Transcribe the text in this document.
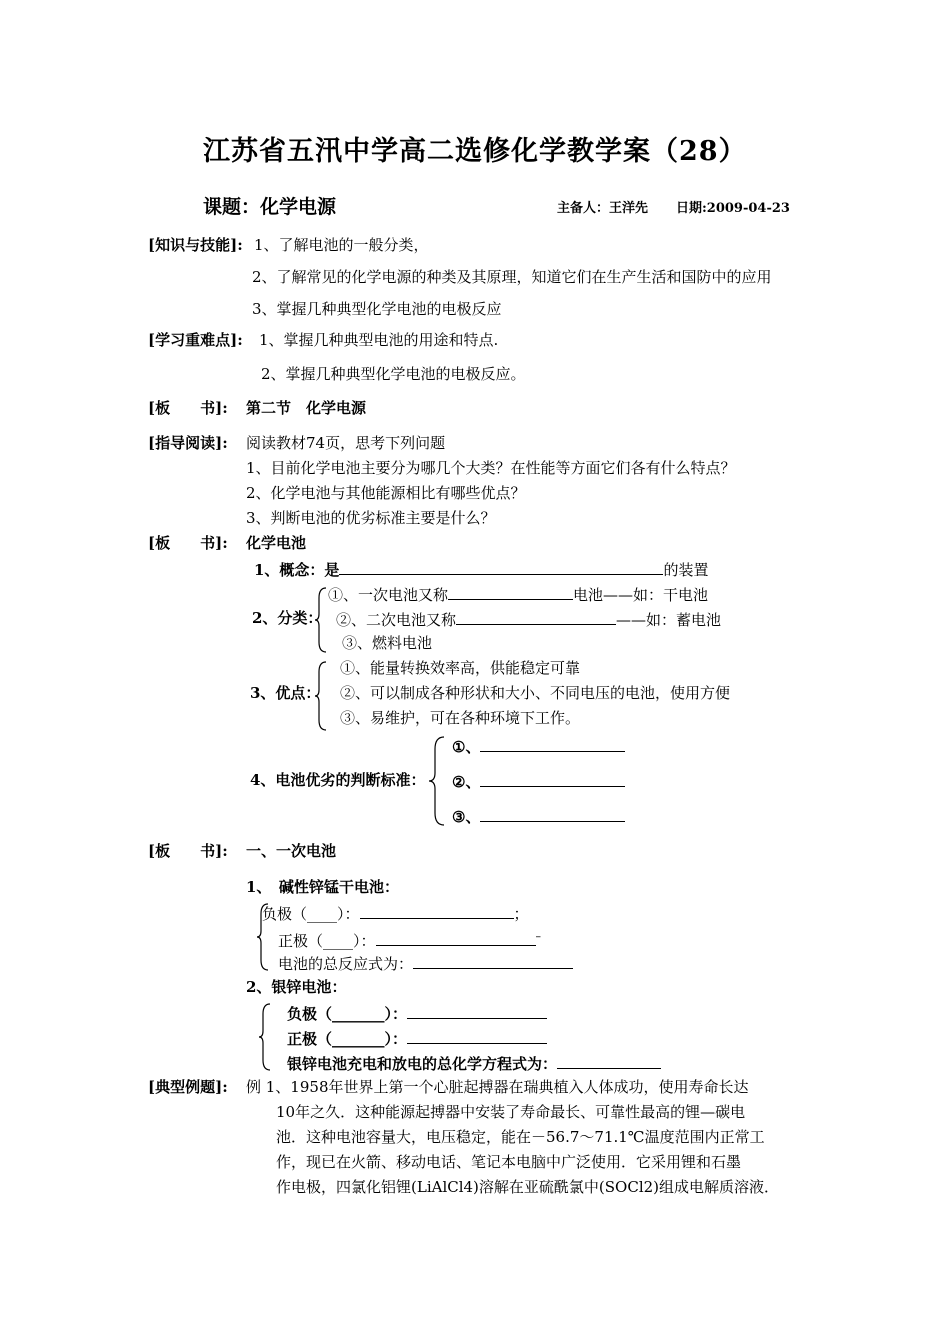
江苏省五汛中学高二选修化学教学案（28）
课题：化学电源	主备人：王洋先 日期:2009-04-23
[知识与技能]: 1、了解电池的一般分类，
2、了解常见的化学电源的种类及其原理，知道它们在生产生活和国防中的应用
3、掌握几种典型化学电池的电极反应
[学习重难点]: 1、掌握几种典型电池的用途和特点.
2、掌握几种典型化学电池的电极反应。
[板　　书]: 第二节　化学电源
[指导阅读]: 阅读教材74页，思考下列问题
1、目前化学电池主要分为哪几个大类？在性能等方面它们各有什么特点？
2、化学电池与其他能源相比有哪些优点？
3、判断电池的优劣标准主要是什么？
[板　　书]: 化学电池
1、概念：是	的装置
2、分类：
①、一次电池又称	电池——如：干电池
②、二次电池又称	——如：蓄电池
③、燃料电池
3、优点：
①、能量转换效率高，供能稳定可靠
②、可以制成各种形状和大小、不同电压的电池，使用方便
③、易维护，可在各种环境下工作。
4、电池优劣的判断标准：
①、
②、
③、
[板　　书]: 一、一次电池
1、　碱性锌锰干电池：
负极（____）：	；
正极（____）：	–
电池的总反应式为：
2、银锌电池：
负极（_______）：
正极（_______）：
银锌电池充电和放电的总化学方程式为：
[典型例题]: 例 1、1958年世界上第一个心脏起搏器在瑞典植入人体成功，使用寿命长达
10年之久．这种能源起搏器中安装了寿命最长、可靠性最高的锂—碳电
池．这种电池容量大，电压稳定，能在－56.7～71.1℃温度范围内正常工
作，现已在火箭、移动电话、笔记本电脑中广泛使用．它采用锂和石墨
作电极，四氯化铝锂(LiAlCl4)溶解在亚硫酰氯中(SOCl2)组成电解质溶液．
